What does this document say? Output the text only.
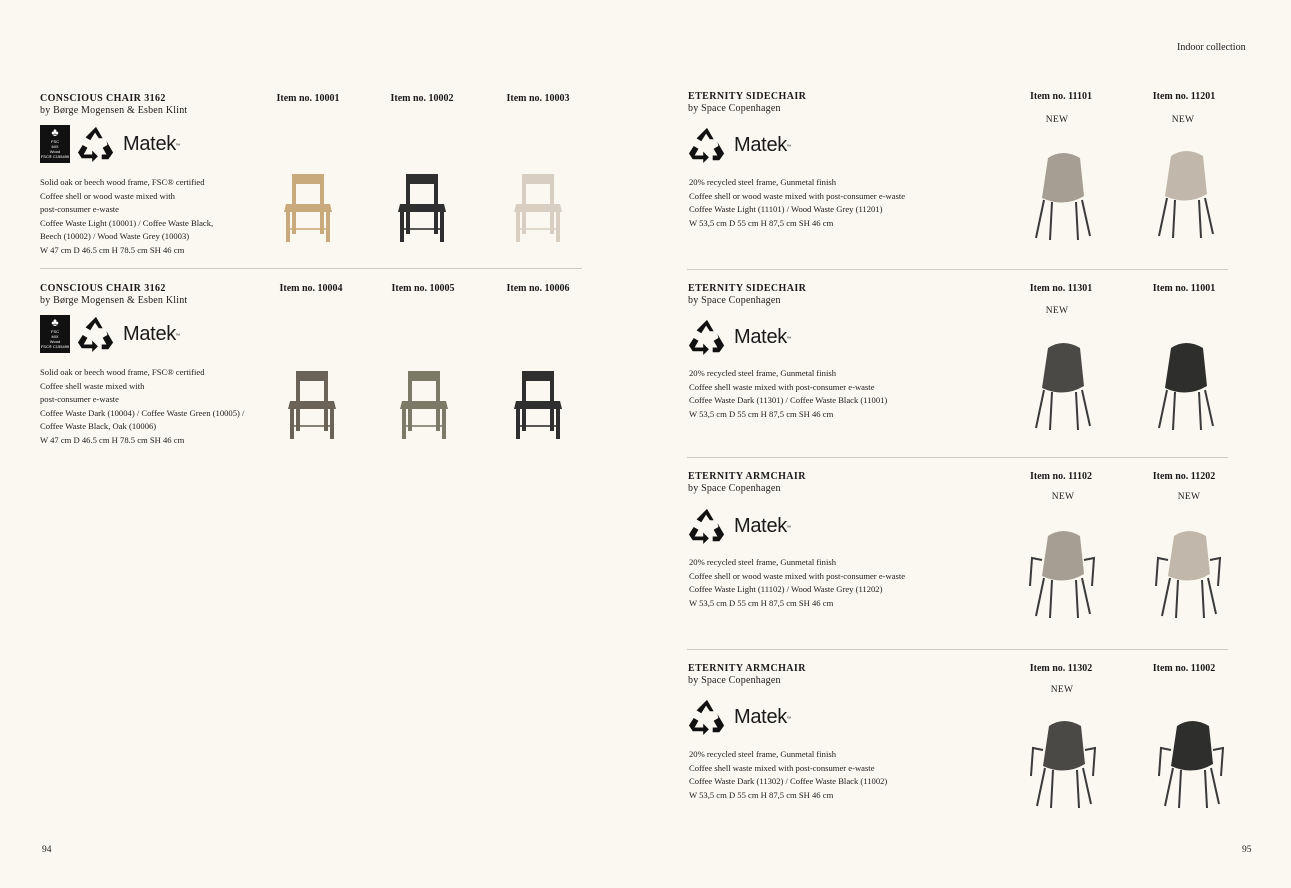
Indoor collection
CONSCIOUS CHAIR 3162
by Børge Mogensen & Esben Klint
♣
FSC
MIX
Wood
FSC® C155499
Matek ™
Solid oak or beech wood frame, FSC® certified
Coffee shell or wood waste mixed with
post-consumer e-waste
Coffee Waste Light (10001) / Coffee Waste Black,
Beech (10002) / Wood Waste Grey (10003)
W 47 cm D 46.5 cm H 78.5 cm SH 46 cm
Item no. 10001	Item no. 10002	Item no. 10003
CONSCIOUS CHAIR 3162
by Børge Mogensen & Esben Klint
♣
FSC
MIX
Wood
FSC® C155499
Matek ™
Solid oak or beech wood frame, FSC® certified
Coffee shell waste mixed with
post-consumer e-waste
Coffee Waste Dark (10004) / Coffee Waste Green (10005) /
Coffee Waste Black, Oak (10006)
W 47 cm D 46.5 cm H 78.5 cm SH 46 cm
Item no. 10004	Item no. 10005	Item no. 10006
94
ETERNITY SIDECHAIR
by Space Copenhagen
Matek ™
20% recycled steel frame, Gunmetal finish
Coffee shell or wood waste mixed with post-consumer e-waste
Coffee Waste Light (11101) / Wood Waste Grey (11201)
W 53,5 cm D 55 cm H 87,5 cm SH 46 cm
Item no. 11101	Item no. 11201
NEW	NEW
ETERNITY SIDECHAIR
by Space Copenhagen
Matek ™
20% recycled steel frame, Gunmetal finish
Coffee shell waste mixed with post-consumer e-waste
Coffee Waste Dark (11301) / Coffee Waste Black (11001)
W 53,5 cm D 55 cm H 87,5 cm SH 46 cm
Item no. 11301	Item no. 11001
NEW
ETERNITY ARMCHAIR
by Space Copenhagen
Matek ™
20% recycled steel frame, Gunmetal finish
Coffee shell or wood waste mixed with post-consumer e-waste
Coffee Waste Light (11102) / Wood Waste Grey (11202)
W 53,5 cm D 55 cm H 87,5 cm SH 46 cm
Item no. 11102	Item no. 11202
NEW	NEW
ETERNITY ARMCHAIR
by Space Copenhagen
Matek ™
20% recycled steel frame, Gunmetal finish
Coffee shell waste mixed with post-consumer e-waste
Coffee Waste Dark (11302) / Coffee Waste Black (11002)
W 53,5 cm D 55 cm H 87,5 cm SH 46 cm
Item no. 11302	Item no. 11002
NEW
95
